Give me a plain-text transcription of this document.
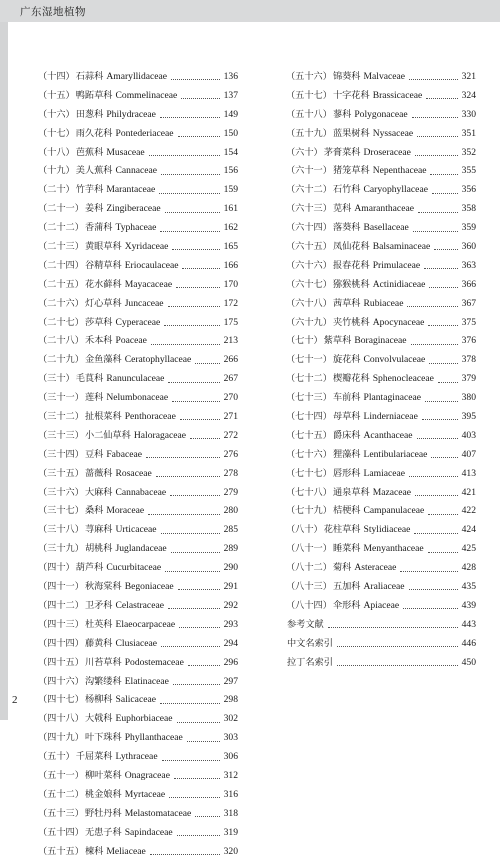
广东湿地植物
（十四） 石蒜科 Amaryllidaceae	136
（十五） 鸭跖草科 Commelinaceae	137
（十六） 田葱科 Philydraceae	149
（十七） 雨久花科 Pontederiaceae	150
（十八） 芭蕉科 Musaceae	154
（十九） 美人蕉科 Cannaceae	156
（二十） 竹芋科 Marantaceae	159
（二十一） 姜科 Zingiberaceae	161
（二十二） 香蒲科 Typhaceae	162
（二十三） 黄眼草科 Xyridaceae	165
（二十四） 谷精草科 Eriocaulaceae	166
（二十五） 花水藓科 Mayacaceae	170
（二十六） 灯心草科 Juncaceae	172
（二十七） 莎草科 Cyperaceae	175
（二十八） 禾本科 Poaceae	213
（二十九） 金鱼藻科 Ceratophyllaceae	266
（三十） 毛茛科 Ranunculaceae	267
（三十一） 莲科 Nelumbonaceae	270
（三十二） 扯根菜科 Penthoraceae	271
（三十三） 小二仙草科 Haloragaceae	272
（三十四） 豆科 Fabaceae	276
（三十五） 蔷薇科 Rosaceae	278
（三十六） 大麻科 Cannabaceae	279
（三十七） 桑科 Moraceae	280
（三十八） 荨麻科 Urticaceae	285
（三十九） 胡桃科 Juglandaceae	289
（四十） 葫芦科 Cucurbitaceae	290
（四十一） 秋海棠科 Begoniaceae	291
（四十二） 卫矛科 Celastraceae	292
（四十三） 杜英科 Elaeocarpaceae	293
（四十四） 藤黄科 Clusiaceae	294
（四十五） 川苔草科 Podostemaceae	296
（四十六） 沟繁缕科 Elatinaceae	297
（四十七） 杨柳科 Salicaceae	298
（四十八） 大戟科 Euphorbiaceae	302
（四十九） 叶下珠科 Phyllanthaceae	303
（五十） 千屈菜科 Lythraceae	306
（五十一） 柳叶菜科 Onagraceae	312
（五十二） 桃金娘科 Myrtaceae	316
（五十三） 野牡丹科 Melastomataceae	318
（五十四） 无患子科 Sapindaceae	319
（五十五） 楝科 Meliaceae	320
（五十六） 锦葵科 Malvaceae	321
（五十七） 十字花科 Brassicaceae	324
（五十八） 蓼科 Polygonaceae	330
（五十九） 蓝果树科 Nyssaceae	351
（六十） 茅膏菜科 Droseraceae	352
（六十一） 猪笼草科 Nepenthaceae	355
（六十二） 石竹科 Caryophyllaceae	356
（六十三） 苋科 Amaranthaceae	358
（六十四） 落葵科 Basellaceae	359
（六十五） 凤仙花科 Balsaminaceae	360
（六十六） 报春花科 Primulaceae	363
（六十七） 猕猴桃科 Actinidiaceae	366
（六十八） 茜草科 Rubiaceae	367
（六十九） 夹竹桃科 Apocynaceae	375
（七十） 紫草科 Boraginaceae	376
（七十一） 旋花科 Convolvulaceae	378
（七十二） 楔瓣花科 Sphenocleaceae	379
（七十三） 车前科 Plantaginaceae	380
（七十四） 母草科 Linderniaceae	395
（七十五） 爵床科 Acanthaceae	403
（七十六） 狸藻科 Lentibulariaceae	407
（七十七） 唇形科 Lamiaceae	413
（七十八） 通泉草科 Mazaceae	421
（七十九） 桔梗科 Campanulaceae	422
（八十） 花柱草科 Stylidiaceae	424
（八十一） 睡菜科 Menyanthaceae	425
（八十二） 菊科 Asteraceae	428
（八十三） 五加科 Araliaceae	435
（八十四） 伞形科 Apiaceae	439
参考文献	443
中文名索引	446
拉丁名索引	450
2
